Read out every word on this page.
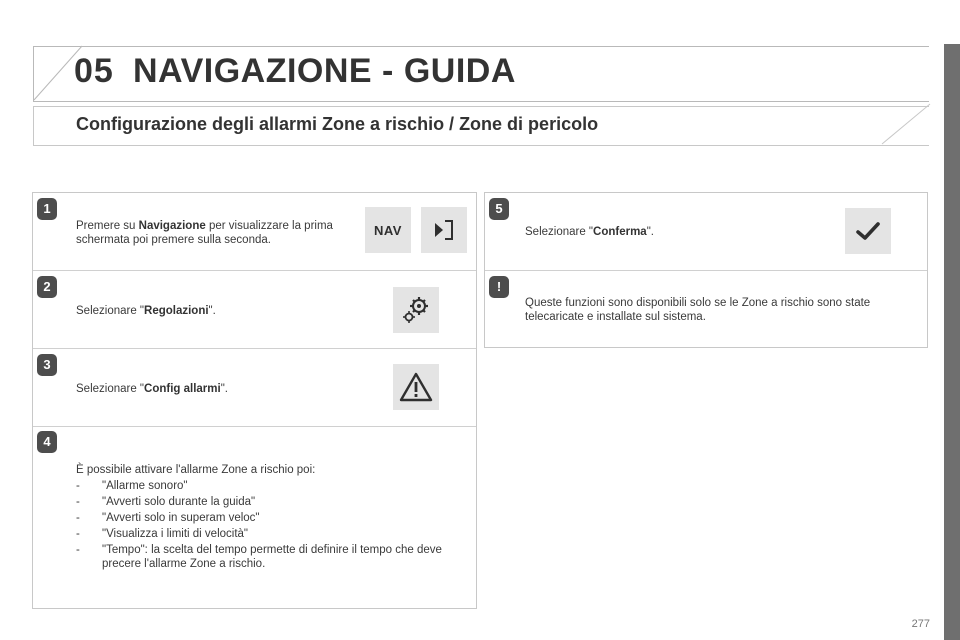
05 NAVIGAZIONE - GUIDA
Configurazione degli allarmi Zone a rischio / Zone di pericolo
1
Premere su Navigazione per visualizzare la prima schermata poi premere sulla seconda.
NAV
2
Selezionare "Regolazioni".
3
Selezionare "Config allarmi".
4
È possibile attivare l'allarme Zone a rischio poi:
-	"Allarme sonoro"
-	"Avverti solo durante la guida"
-	"Avverti solo in superam veloc"
-	"Visualizza i limiti di velocità"
-	"Tempo": la scelta del tempo permette di definire il tempo che deve precere l'allarme Zone a rischio.
5
Selezionare "Conferma".
!
Queste funzioni sono disponibili solo se le Zone a rischio sono state telecaricate e installate sul sistema.
277
